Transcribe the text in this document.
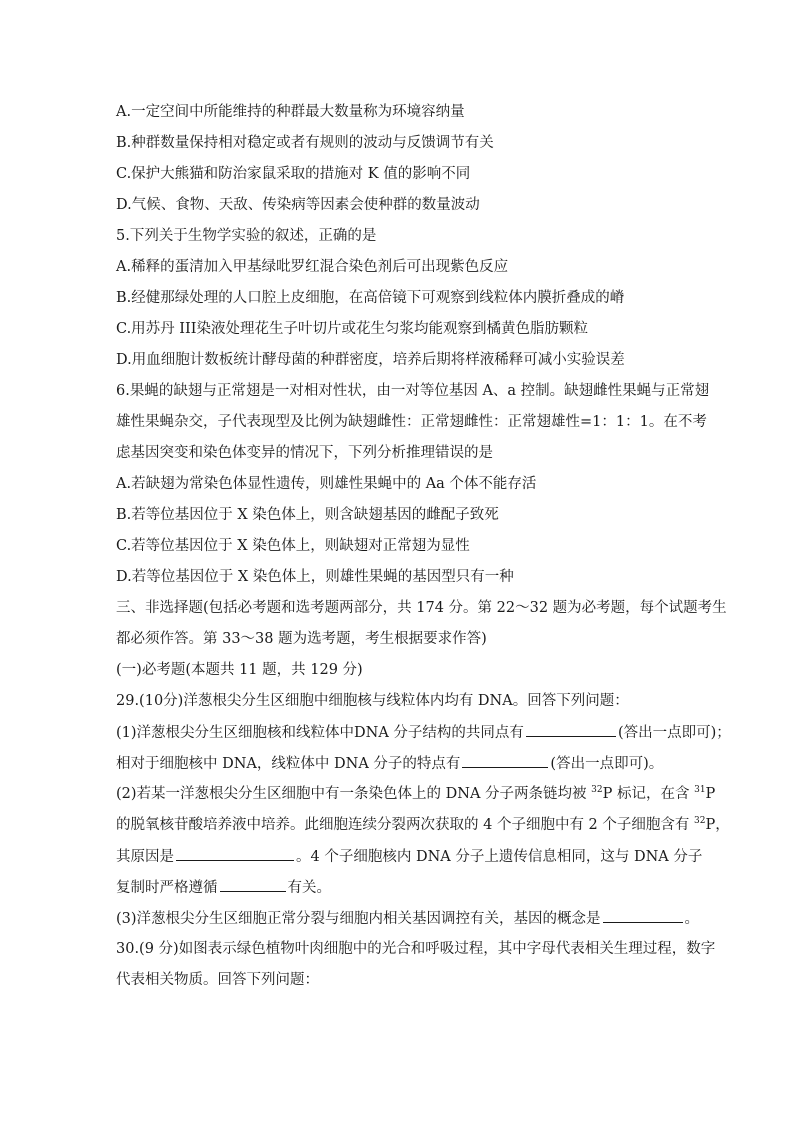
A.一定空间中所能维持的种群最大数量称为环境容纳量
B.种群数量保持相对稳定或者有规则的波动与反馈调节有关
C.保护大熊猫和防治家鼠采取的措施对 K 值的影响不同
D.气候、食物、天敌、传染病等因素会使种群的数量波动
5.下列关于生物学实验的叙述，正确的是
A.稀释的蛋清加入甲基绿吡罗红混合染色剂后可出现紫色反应
B.经健那绿处理的人口腔上皮细胞，在高倍镜下可观察到线粒体内膜折叠成的嵴
C.用苏丹 III染液处理花生子叶切片或花生匀浆均能观察到橘黄色脂肪颗粒
D.用血细胞计数板统计酵母菌的种群密度，培养后期将样液稀释可减小实验误差
6.果蝇的缺翅与正常翅是一对相对性状，由一对等位基因 A、a 控制。缺翅雌性果蝇与正常翅
雄性果蝇杂交，子代表现型及比例为缺翅雌性：正常翅雌性：正常翅雄性=1：1：1。在不考
虑基因突变和染色体变异的情况下，下列分析推理错误的是
A.若缺翅为常染色体显性遗传，则雄性果蝇中的 Aa 个体不能存活
B.若等位基因位于 X 染色体上，则含缺翅基因的雌配子致死
C.若等位基因位于 X 染色体上，则缺翅对正常翅为显性
D.若等位基因位于 X 染色体上，则雄性果蝇的基因型只有一种
三、非选择题(包括必考题和选考题两部分，共 174 分。第 22～32 题为必考题，每个试题考生
都必须作答。第 33～38 题为选考题，考生根据要求作答)
(一)必考题(本题共 11 题，共 129 分)
29.(10分)洋葱根尖分生区细胞中细胞核与线粒体内均有 DNA。回答下列问题：
(1)洋葱根尖分生区细胞核和线粒体中DNA 分子结构的共同点有	(答出一点即可)；
相对于细胞核中 DNA，线粒体中 DNA 分子的特点有	(答出一点即可)。
(2)若某一洋葱根尖分生区细胞中有一条染色体上的 DNA 分子两条链均被 $^{32}$P 标记，在含 $^{31}$P
的脱氧核苷酸培养液中培养。此细胞连续分裂两次获取的 4 个子细胞中有 2 个子细胞含有 $^{32}$P，
其原因是	。4 个子细胞核内 DNA 分子上遗传信息相同，这与 DNA 分子
复制时严格遵循	有关。
(3)洋葱根尖分生区细胞正常分裂与细胞内相关基因调控有关，基因的概念是	。
30.(9 分)如图表示绿色植物叶肉细胞中的光合和呼吸过程，其中字母代表相关生理过程，数字
代表相关物质。回答下列问题：
